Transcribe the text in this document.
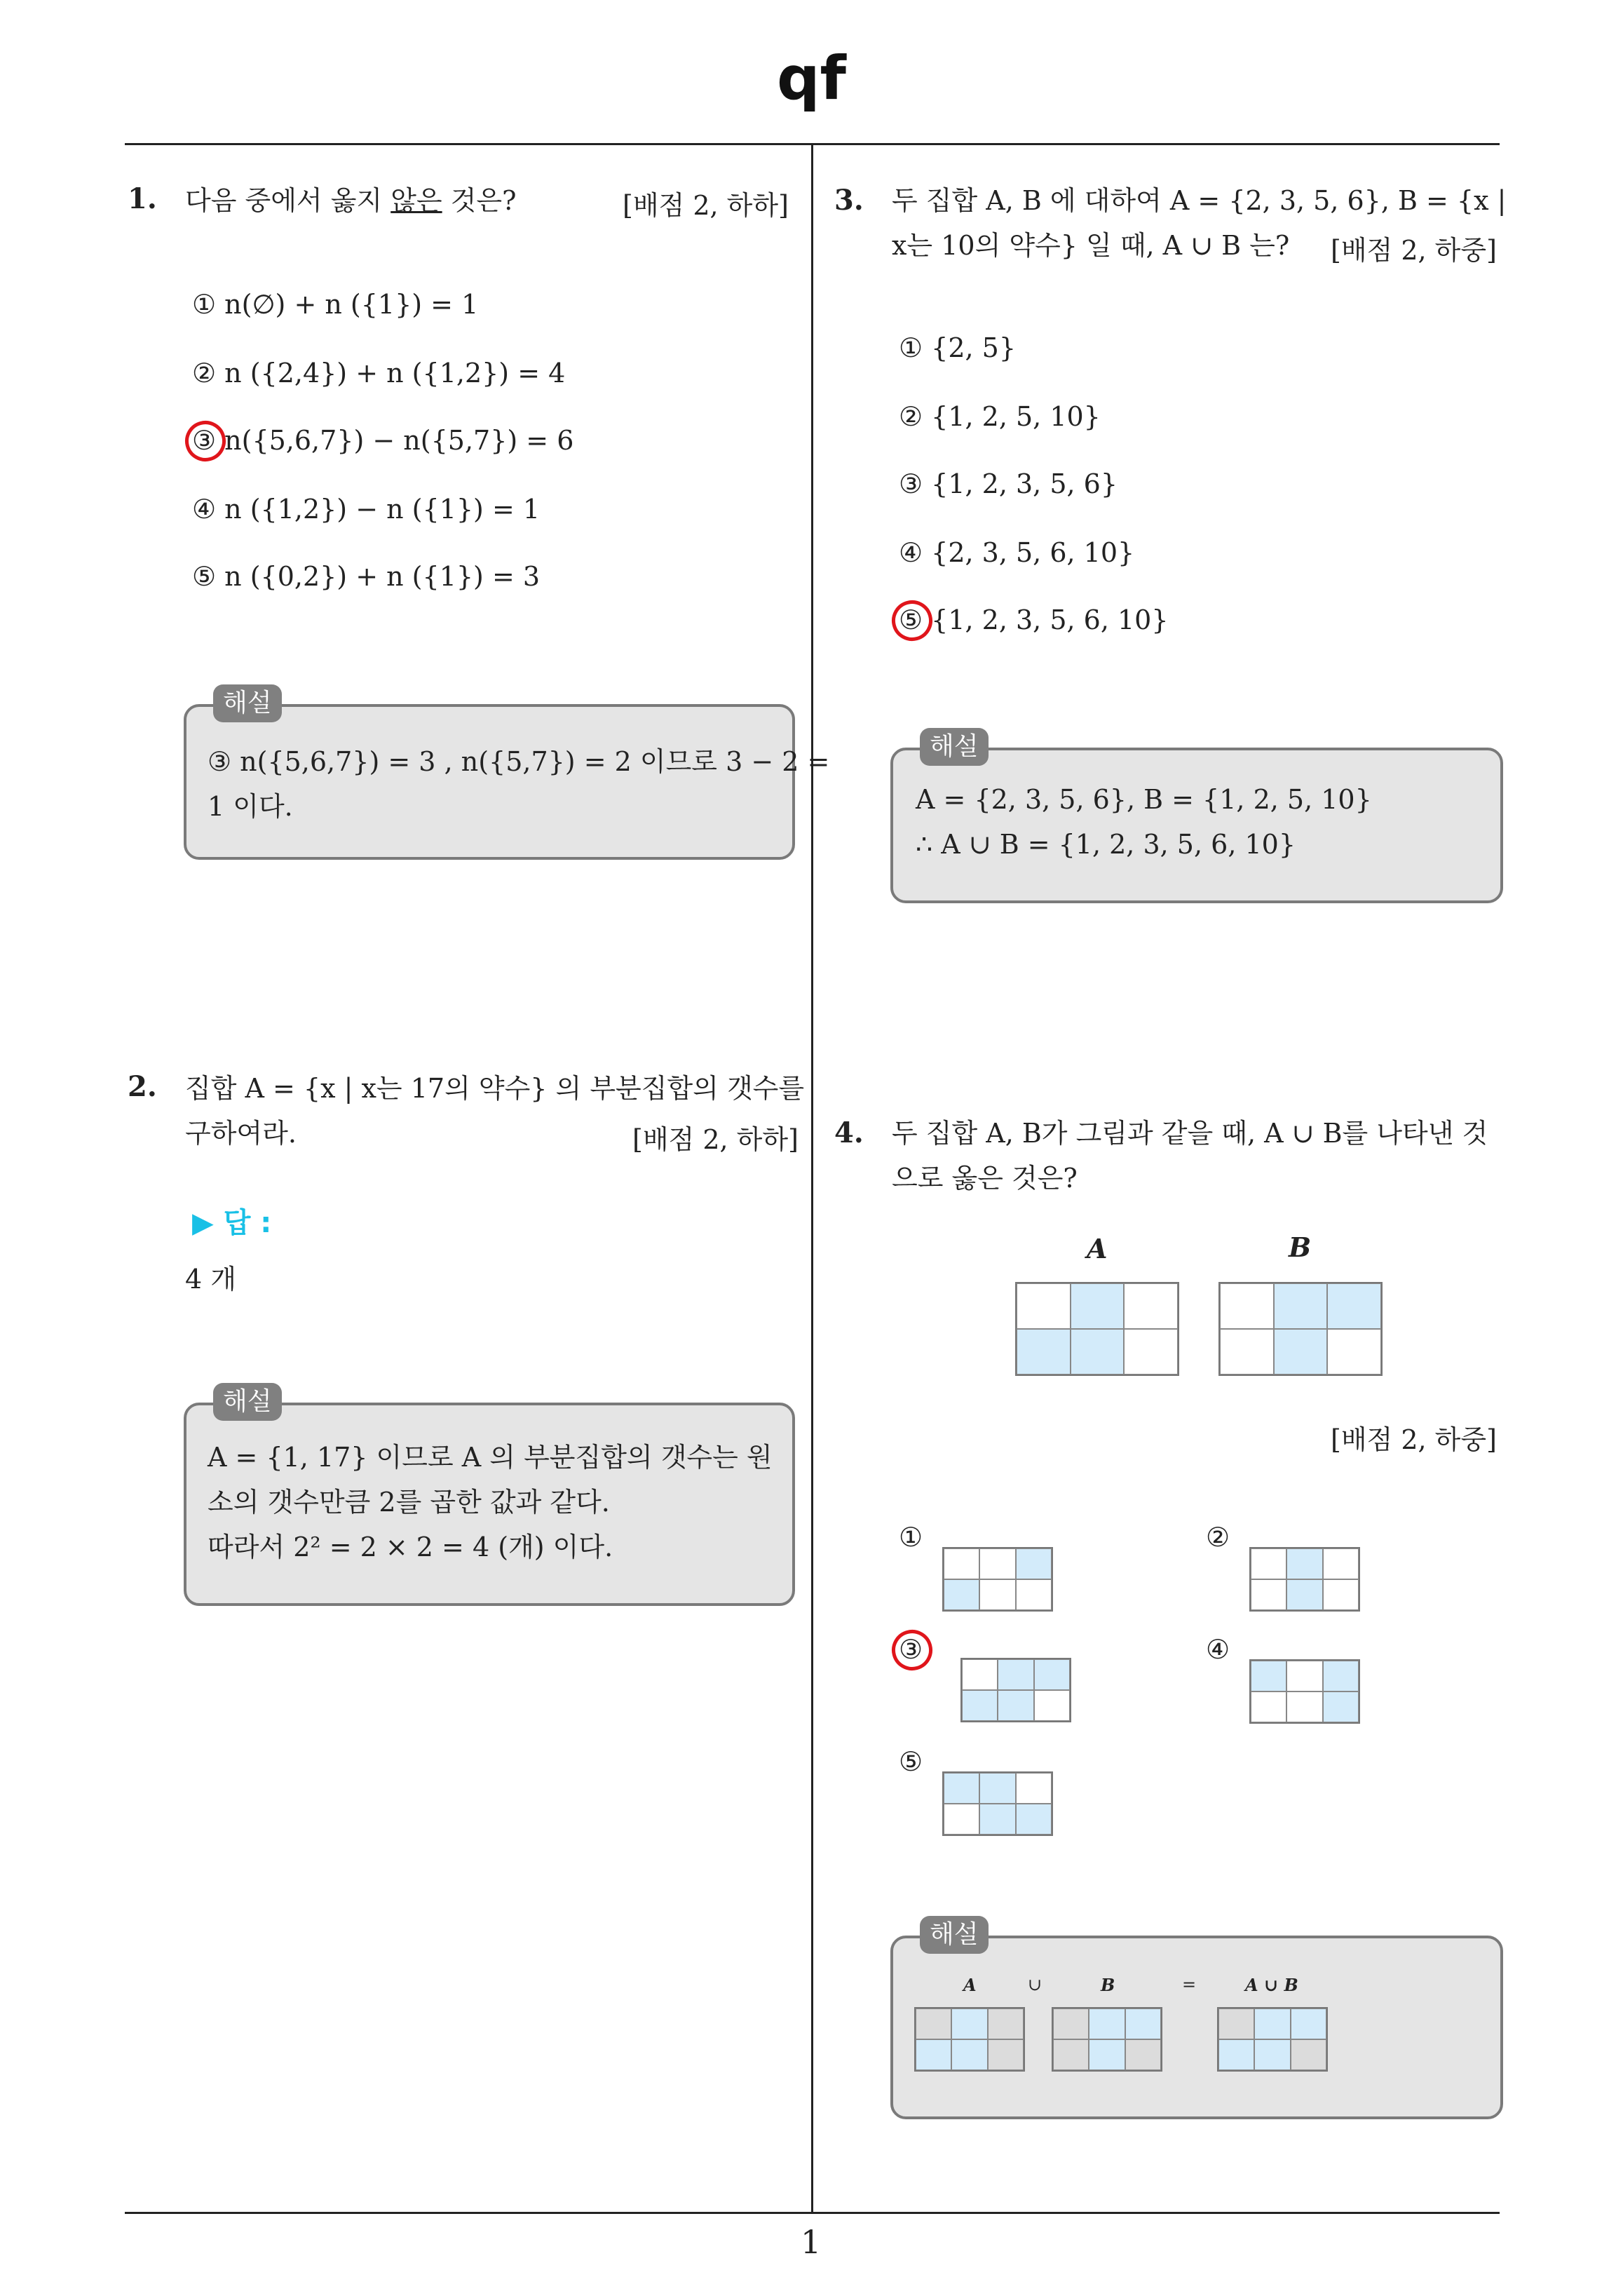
qf
1
1. 다음 중에서 옳지 않은 것은?	[배점 2, 하하]
① n(∅) + n ({1}) = 1
② n ({2,4}) + n ({1,2}) = 4
③ n({5,6,7}) − n({5,7}) = 6
④ n ({1,2}) − n ({1}) = 1
⑤ n ({0,2}) + n ({1}) = 3
해설
③ n({5,6,7}) = 3 , n({5,7}) = 2 이므로 3 − 2 =
1 이다.
2. 집합 A = {x | x는 17의 약수} 의 부분집합의 갯수를
구하여라.	[배점 2, 하하]
▶ 답 :
4 개
해설
A = {1, 17} 이므로 A 의 부분집합의 갯수는 원
소의 갯수만큼 2를 곱한 값과 같다.
따라서 2² = 2 × 2 = 4 (개) 이다.
3. 두 집합 A, B 에 대하여 A = {2, 3, 5, 6}, B = {x |
x는 10의 약수} 일 때, A ∪ B 는?	[배점 2, 하중]
① {2, 5}
② {1, 2, 5, 10}
③ {1, 2, 3, 5, 6}
④ {2, 3, 5, 6, 10}
⑤ {1, 2, 3, 5, 6, 10}
해설
A = {2, 3, 5, 6}, B = {1, 2, 5, 10}
∴ A ∪ B = {1, 2, 3, 5, 6, 10}
4. 두 집합 A, B가 그림과 같을 때, A ∪ B를 나타낸 것
으로 옳은 것은?
A	B
[배점 2, 하중]
①	②
③	④
⑤
해설
A	∪	B	=	A ∪ B
